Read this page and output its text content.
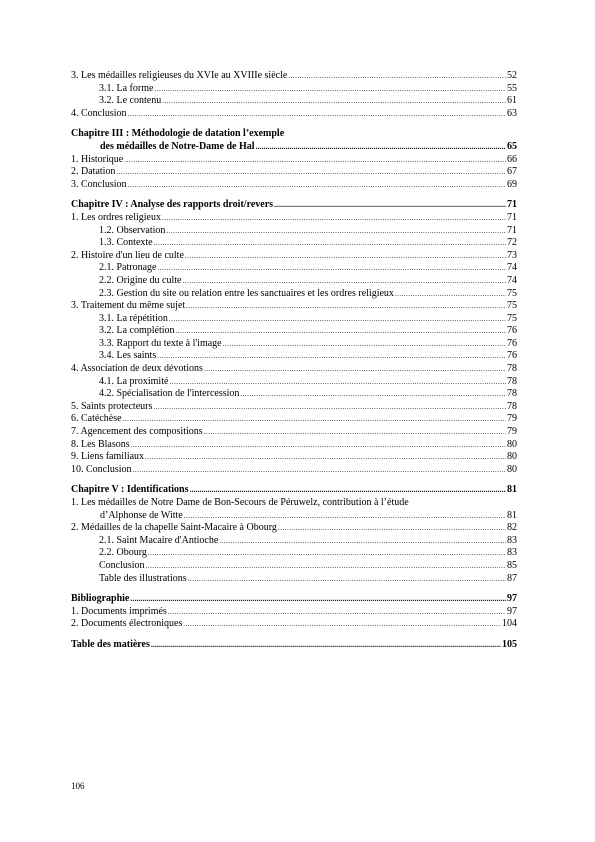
3. Les médailles religieuses du XVIe au XVIIIe siècle .....	52
3.1. La forme .....	55
3.2. Le contenu .....	61
4. Conclusion .....	63
Chapitre III : Méthodologie de datation l’exemple
des médailles de Notre-Dame de Hal .....	65
1. Historique .....	66
2. Datation .....	67
3. Conclusion .....	69
Chapitre IV : Analyse des rapports droit/revers .....	71
1. Les ordres religieux .....	71
1.2. Observation .....	71
1.3. Contexte .....	72
2. Histoire d'un lieu de culte .....	73
2.1. Patronage .....	74
2.2. Origine du culte .....	74
2.3. Gestion du site ou relation entre les sanctuaires et les ordres religieux .....	75
3. Traitement du même sujet .....	75
3.1. La répétition .....	75
3.2. La complétion .....	76
3.3. Rapport du texte à l'image .....	76
3.4. Les saints .....	76
4. Association de deux dévotions .....	78
4.1. La proximité .....	78
4.2. Spécialisation de l'intercession .....	78
5. Saints protecteurs .....	78
6. Catéchèse .....	79
7. Agencement des compositions .....	79
8. Les Blasons .....	80
9. Liens familiaux .....	80
10. Conclusion .....	80
Chapitre V : Identifications .....	81
1. Les médailles de Notre Dame de Bon-Secours de Péruwelz, contribution à l’étude
d’Alphonse de Witte .....	81
2. Médailles de la chapelle Saint-Macaire à Obourg .....	82
2.1. Saint Macaire d'Antioche .....	83
2.2. Obourg .....	83
Conclusion .....	85
Table des illustrations .....	87
Bibliographie .....	97
1. Documents imprimés .....	97
2. Documents électroniques .....	104
Table des matières .....	105
106
